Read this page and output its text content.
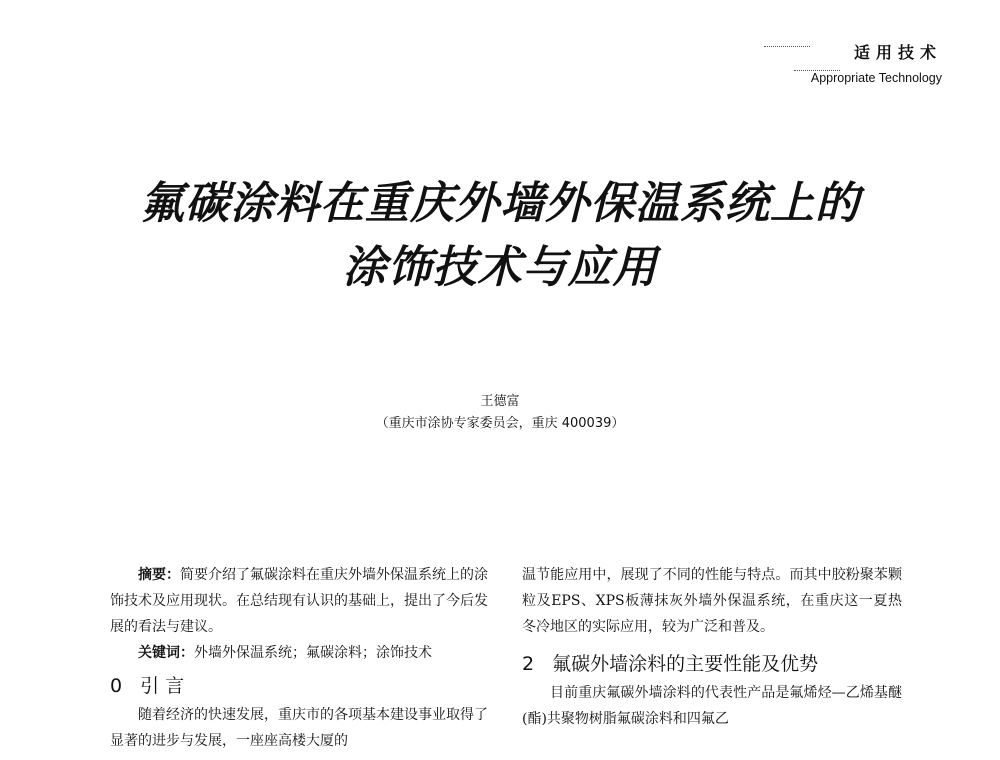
适用技术
Appropriate Technology
氟碳涂料在重庆外墙外保温系统上的
涂饰技术与应用
王德富
（重庆市涂协专家委员会，重庆 400039）
摘要：简要介绍了氟碳涂料在重庆外墙外保温系统上的涂饰技术及应用现状。在总结现有认识的基础上，提出了今后发展的看法与建议。
关键词：外墙外保温系统；氟碳涂料；涂饰技术
0 引 言
随着经济的快速发展，重庆市的各项基本建设事业取得了显著的进步与发展，一座座高楼大厦的
温节能应用中，展现了不同的性能与特点。而其中胶粉聚苯颗粒及EPS、XPS板薄抹灰外墙外保温系统，在重庆这一夏热冬冷地区的实际应用，较为广泛和普及。
2 氟碳外墙涂料的主要性能及优势
目前重庆氟碳外墙涂料的代表性产品是氟烯烃—乙烯基醚(酯)共聚物树脂氟碳涂料和四氟乙
